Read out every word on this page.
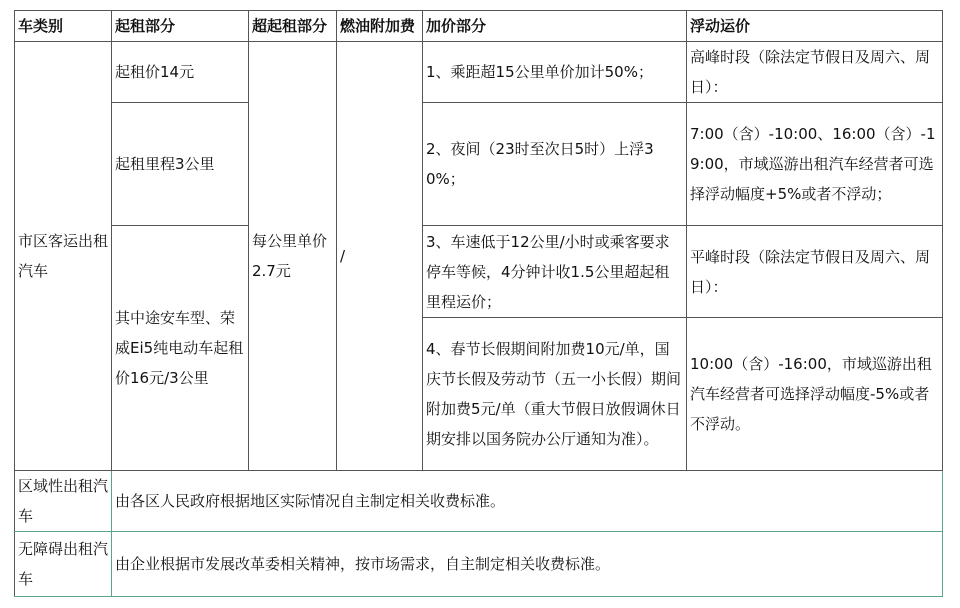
车类别	起租部分	超起租部分	燃油附加费	加价部分	浮动运价
市区客运出租汽车	起租价14元	每公里单价2.7元	/	1、乘距超15公里单价加计50%；	高峰时段（除法定节假日及周六、周日）：
	起租里程3公里			2、夜间（23时至次日5时）上浮30%；	7:00（含）-10:00、16:00（含）-19:00，市域巡游出租汽车经营者可选择浮动幅度+5%或者不浮动；
	其中途安车型、荣威Ei5纯电动车起租价16元/3公里			3、车速低于12公里/小时或乘客要求停车等候，4分钟计收1.5公里超起租里程运价；	平峰时段（除法定节假日及周六、周日）：
				4、春节长假期间附加费10元/单，国庆节长假及劳动节（五一小长假）期间附加费5元/单（重大节假日放假调休日期安排以国务院办公厅通知为准）。	10:00（含）-16:00，市域巡游出租汽车经营者可选择浮动幅度-5%或者不浮动。
区域性出租汽车	由各区人民政府根据地区实际情况自主制定相关收费标准。				
无障碍出租汽车	由企业根据市发展改革委相关精神，按市场需求，自主制定相关收费标准。				
